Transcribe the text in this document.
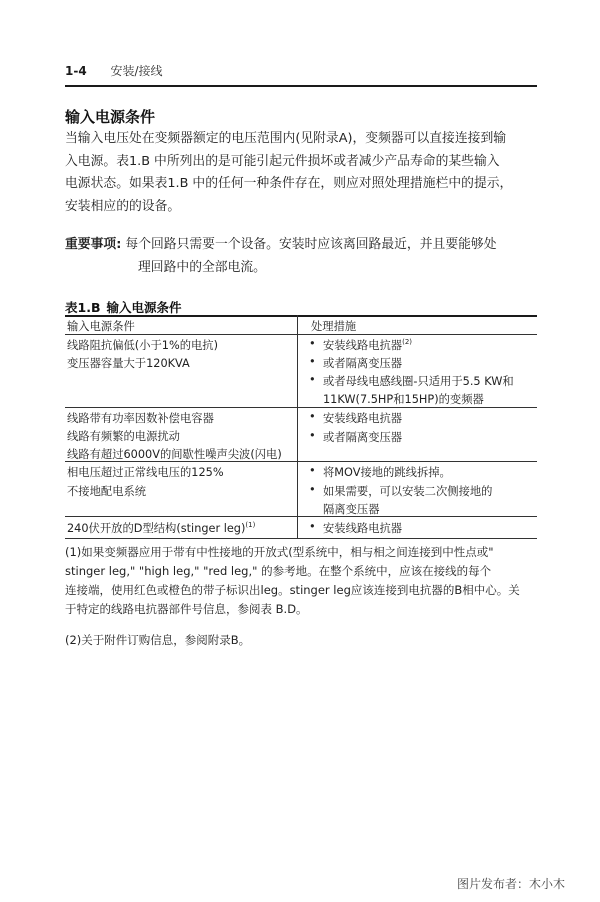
1-4 安装/接线
输入电源条件
当输入电压处在变频器额定的电压范围内(见附录A)，变频器可以直接连接到输
入电源。表1.B 中所列出的是可能引起元件损坏或者减少产品寿命的某些输入
电源状态。如果表1.B 中的任何一种条件存在，则应对照处理措施栏中的提示，
安装相应的的设备。
重要事项: 每个回路只需要一个设备。安装时应该离回路最近，并且要能够处
理回路中的全部电流。
表1.B 输入电源条件
输入电源条件	处理措施
线路阻抗偏低(小于1%的电抗)
变压器容量大于120KVA
• 安装线路电抗器$^{(2)}$
• 或者隔离变压器
• 或者母线电感线圈-只适用于5.5 KW和
11KW(7.5HP和15HP)的变频器
线路带有功率因数补偿电容器
线路有频繁的电源扰动
线路有超过6000V的间歇性噪声尖波(闪电)
• 安装线路电抗器
• 或者隔离变压器
相电压超过正常线电压的125%
不接地配电系统
• 将MOV接地的跳线拆掉。
• 如果需要，可以安装二次侧接地的
隔离变压器
240伏开放的D型结构(stinger leg)$^{(1)}$
•	安装线路电抗器
(1)如果变频器应用于带有中性接地的开放式(型系统中，相与相之间连接到中性点或"
stinger leg," "high leg," "red leg," 的参考地。在整个系统中，应该在接线的每个
连接端，使用红色或橙色的带子标识出leg。stinger leg应该连接到电抗器的B相中心。关
于特定的线路电抗器部件号信息，参阅表 B.D。
(2)关于附件订购信息，参阅附录B。
图片发布者：木小木
